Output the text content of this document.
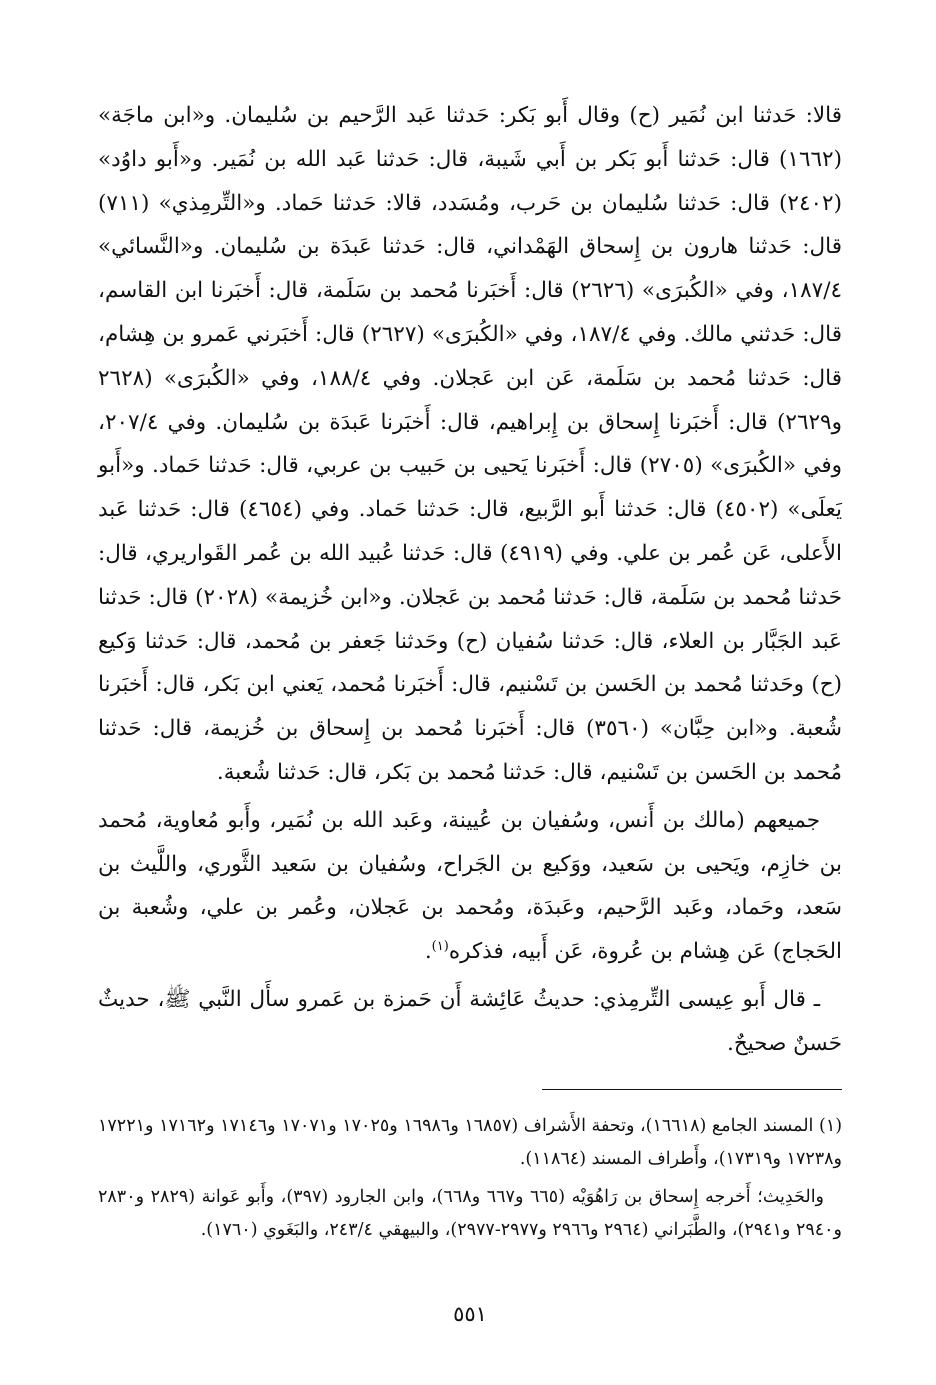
قالا: حَدثنا ابن نُمَير (ح) وقال أَبو بَكر: حَدثنا عَبد الرَّحيم بن سُليمان. و«ابن ماجَة» (١٦٦٢) قال: حَدثنا أَبو بَكر بن أَبي شَيبة، قال: حَدثنا عَبد الله بن نُمَير. و«أَبو داوُد» (٢٤٠٢) قال: حَدثنا سُليمان بن حَرب، ومُسَدد، قالا: حَدثنا حَماد. و«التِّرمِذي» (٧١١) قال: حَدثنا هارون بن إِسحاق الهَمْداني، قال: حَدثنا عَبدَة بن سُليمان. و«النَّسائي» ١٨٧/٤، وفي «الكُبرَى» (٢٦٢٦) قال: أَخبَرنا مُحمد بن سَلَمة، قال: أَخبَرنا ابن القاسم، قال: حَدثني مالك. وفي ١٨٧/٤، وفي «الكُبرَى» (٢٦٢٧) قال: أَخبَرني عَمرو بن هِشام، قال: حَدثنا مُحمد بن سَلَمة، عَن ابن عَجلان. وفي ١٨٨/٤، وفي «الكُبرَى» (٢٦٢٨ و٢٦٢٩) قال: أَخبَرنا إِسحاق بن إِبراهيم، قال: أَخبَرنا عَبدَة بن سُليمان. وفي ٢٠٧/٤، وفي «الكُبرَى» (٢٧٠٥) قال: أَخبَرنا يَحيى بن حَبيب بن عربي، قال: حَدثنا حَماد. و«أَبو يَعلَى» (٤٥٠٢) قال: حَدثنا أَبو الرَّبيع، قال: حَدثنا حَماد. وفي (٤٦٥٤) قال: حَدثنا عَبد الأَعلى، عَن عُمر بن علي. وفي (٤٩١٩) قال: حَدثنا عُبيد الله بن عُمر القَواريري، قال: حَدثنا مُحمد بن سَلَمة، قال: حَدثنا مُحمد بن عَجلان. و«ابن خُزيمة» (٢٠٢٨) قال: حَدثنا عَبد الجَبَّار بن العلاء، قال: حَدثنا سُفيان (ح) وحَدثنا جَعفر بن مُحمد، قال: حَدثنا وَكيع (ح) وحَدثنا مُحمد بن الحَسن بن تَسْنيم، قال: أَخبَرنا مُحمد، يَعني ابن بَكر، قال: أَخبَرنا شُعبة. و«ابن حِبَّان» (٣٥٦٠) قال: أَخبَرنا مُحمد بن إِسحاق بن خُزيمة، قال: حَدثنا مُحمد بن الحَسن بن تَسْنيم، قال: حَدثنا مُحمد بن بَكر، قال: حَدثنا شُعبة.

جميعهم (مالك بن أَنس، وسُفيان بن عُيينة، وعَبد الله بن نُمَير، وأَبو مُعاوية، مُحمد بن خازِم، ويَحيى بن سَعيد، ووَكيع بن الجَراح، وسُفيان بن سَعيد الثَّوري، واللَّيث بن سَعد، وحَماد، وعَبد الرَّحيم، وعَبدَة، ومُحمد بن عَجلان، وعُمر بن علي، وشُعبة بن الحَجاج) عَن هِشام بن عُروة، عَن أَبيه، فذكره$^{(١)}$.

ـ قال أَبو عِيسى التِّرمِذي: حديثُ عَائِشة أَن حَمزة بن عَمرو سأَل النَّبي ﷺ، حديثٌ حَسنٌ صحيحٌ.

(١) المسند الجامع (١٦٦١٨)، وتحفة الأَشراف (١٦٨٥٧ و١٦٩٨٦ و١٧٠٢٥ و١٧٠٧١ و١٧١٤٦ و١٧١٦٢ و١٧٢٢١ و١٧٢٣٨ و١٧٣١٩)، وأَطراف المسند (١١٨٦٤).

والحَدِيث؛ أَخرجه إِسحاق بن رَاهُوَيْه (٦٦٥ و٦٦٧ و٦٦٨)، وابن الجارود (٣٩٧)، وأَبو عَوانة (٢٨٢٩ و٢٨٣٠ و٢٩٤٠ و٢٩٤١)، والطَّبَراني (٢٩٦٤ و٢٩٦٦ و٢٩٧٧-٢٩٧٧)، والبيهقي ٢٤٣/٤، والبَغَوي (١٧٦٠).

٥٥١
